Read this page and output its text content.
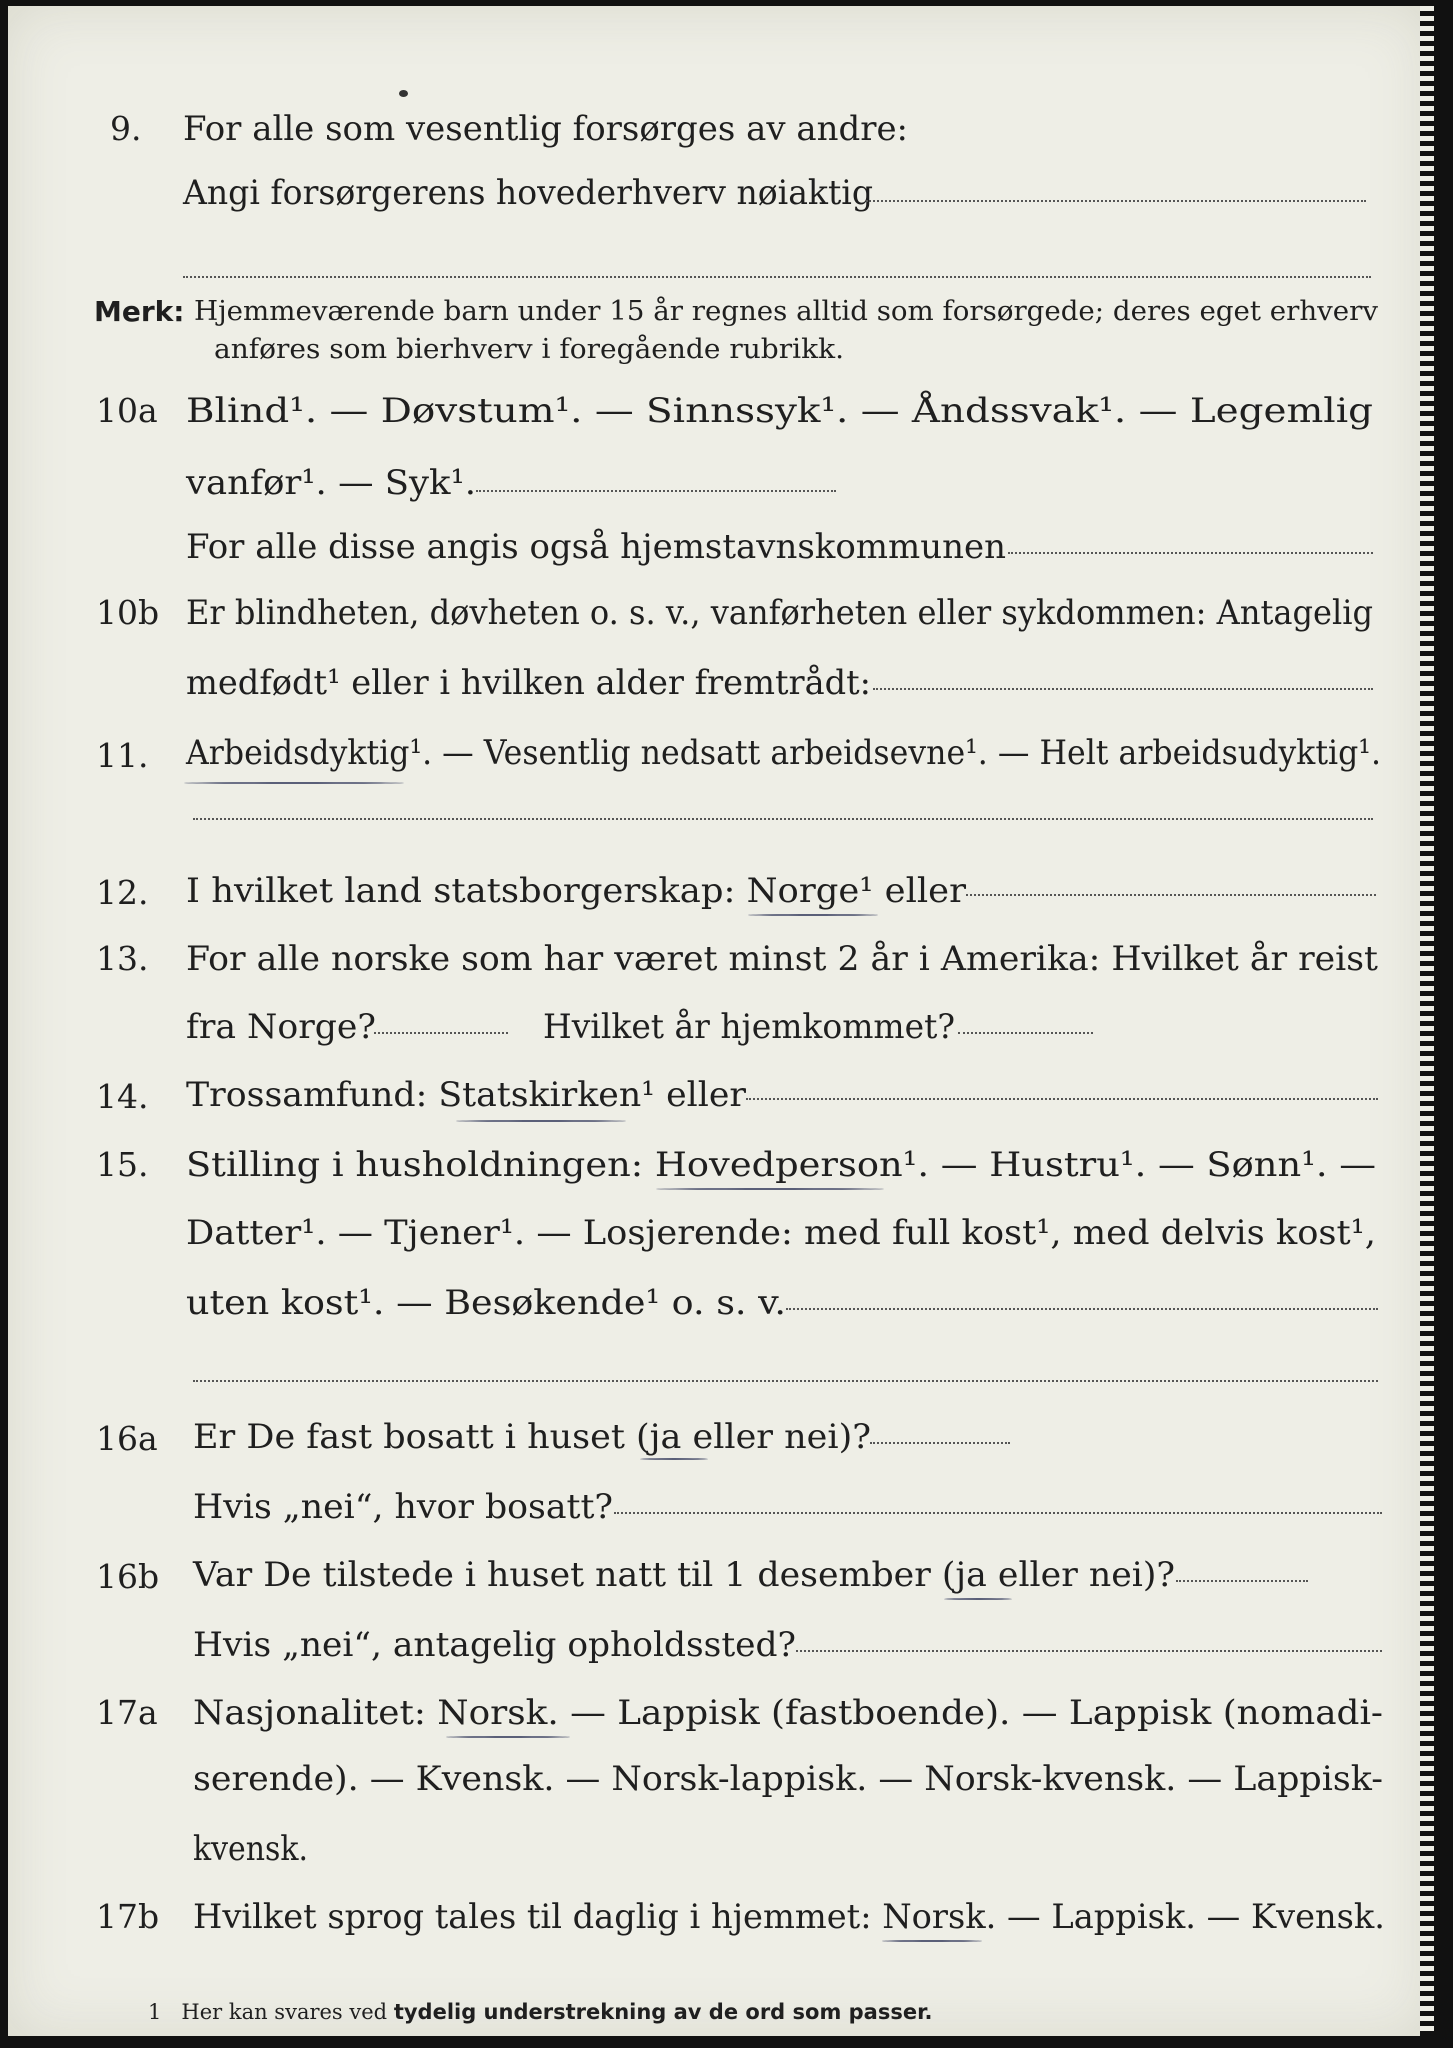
9. For alle som vesentlig forsørges av andre:
Angi forsørgerens hovederhverv nøiaktig
Merk: Hjemmeværende barn under 15 år regnes alltid som forsørgede; deres eget erhverv
anføres som bierhverv i foregående rubrikk.
10a Blind¹. — Døvstum¹. — Sinnssyk¹. — Åndssvak¹. — Legemlig
vanfør¹. — Syk¹.
For alle disse angis også hjemstavnskommunen
10b Er blindheten, døvheten o. s. v., vanførheten eller sykdommen: Antagelig
medfødt¹ eller i hvilken alder fremtrådt:
11. Arbeidsdyktig¹. — Vesentlig nedsatt arbeidsevne¹. — Helt arbeidsudyktig¹.
12. I hvilket land statsborgerskap: Norge¹ eller
13. For alle norske som har været minst 2 år i Amerika: Hvilket år reist
fra Norge?	Hvilket år hjemkommet?
14. Trossamfund: Statskirken¹ eller
15. Stilling i husholdningen: Hovedperson¹. — Hustru¹. — Sønn¹. —
Datter¹. — Tjener¹. — Losjerende: med full kost¹, med delvis kost¹,
uten kost¹. — Besøkende¹ o. s. v.
16a Er De fast bosatt i huset (ja eller nei)?
Hvis „nei“, hvor bosatt?
16b Var De tilstede i huset natt til 1 desember (ja eller nei)?
Hvis „nei“, antagelig opholdssted?
17a Nasjonalitet: Norsk. — Lappisk (fastboende). — Lappisk (nomadi-
serende). — Kvensk. — Norsk-lappisk. — Norsk-kvensk. — Lappisk-
kvensk.
17b Hvilket sprog tales til daglig i hjemmet: Norsk. — Lappisk. — Kvensk.
1 Her kan svares ved tydelig understrekning av de ord som passer.
